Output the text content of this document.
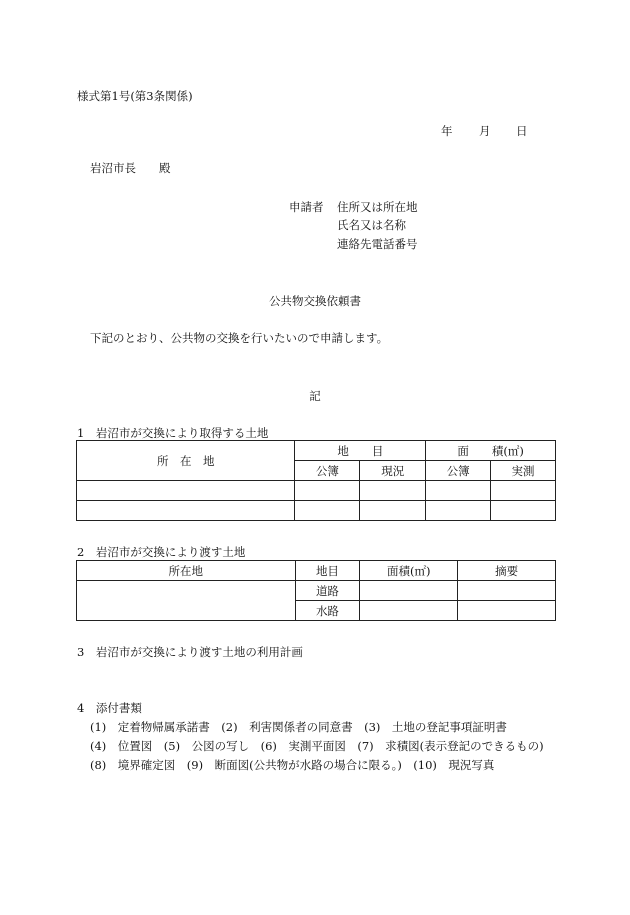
様式第1号(第3条関係)
年 月 日
岩沼市長　　殿
申請者 住所又は所在地
氏名又は名称
連絡先電話番号
公共物交換依頼書
下記のとおり、公共物の交換を行いたいので申請します。
記
1　岩沼市が交換により取得する土地
所　在　地	地　　目		面　　積(㎡)	
	公簿	現況	公簿	実測

2　岩沼市が交換により渡す土地
所在地	地目	面積(㎡)	摘要
	道路		
	水路		
3　岩沼市が交換により渡す土地の利用計画
4　添付書類
(1)　定着物帰属承諾書　(2)　利害関係者の同意書　(3)　土地の登記事項証明書
(4)　位置図　(5)　公図の写し　(6)　実測平面図　(7)　求積図(表示登記のできるもの)
(8)　境界確定図　(9)　断面図(公共物が水路の場合に限る。)　(10)　現況写真
